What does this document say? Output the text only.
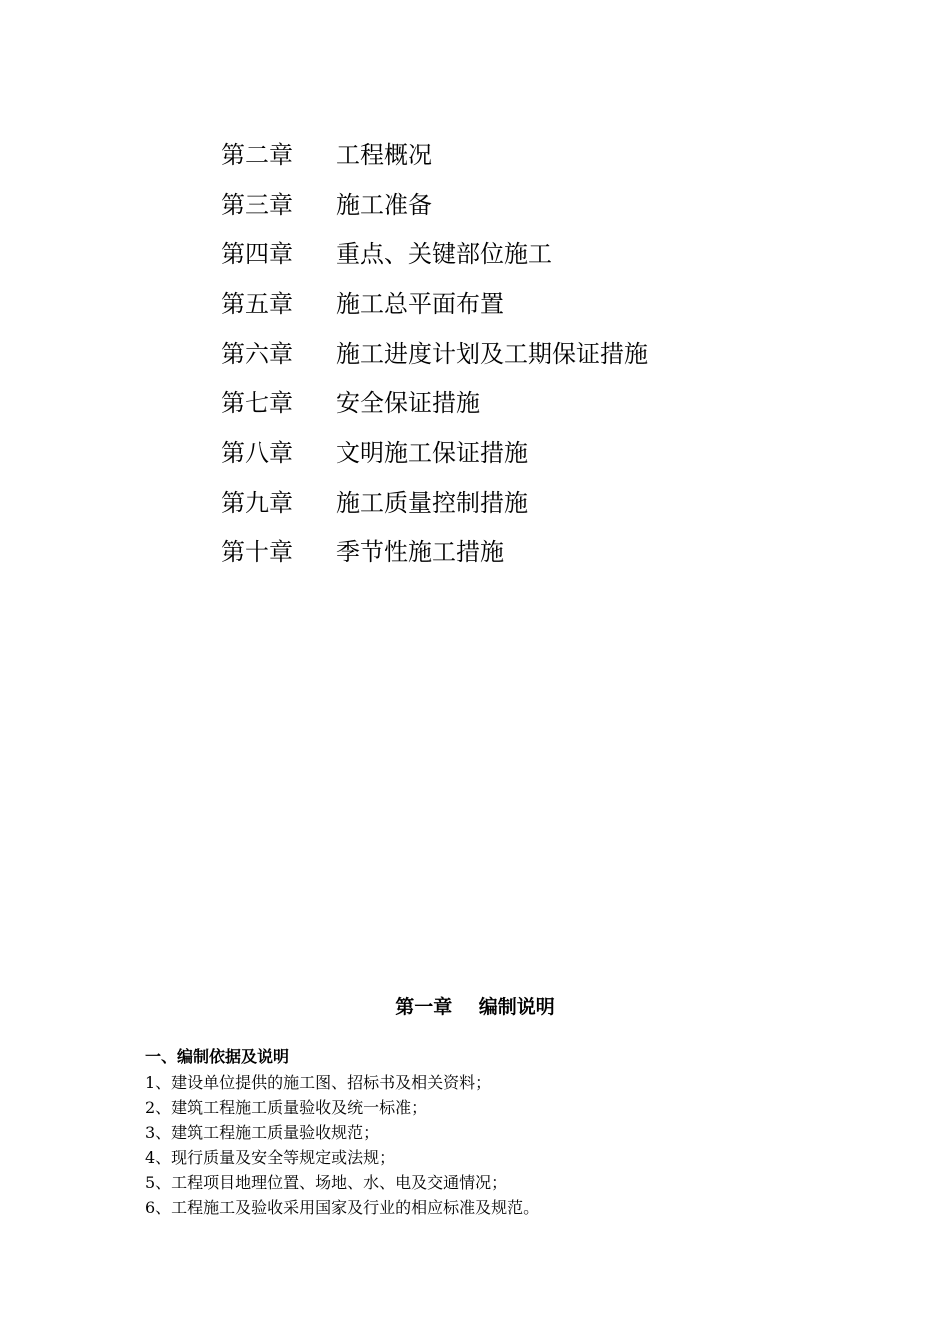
第二章	工程概况
第三章	施工准备
第四章	重点、关键部位施工
第五章	施工总平面布置
第六章	施工进度计划及工期保证措施
第七章	安全保证措施
第八章	文明施工保证措施
第九章	施工质量控制措施
第十章	季节性施工措施
第一章    编制说明
一、编制依据及说明
1、建设单位提供的施工图、招标书及相关资料；
2、建筑工程施工质量验收及统一标准；
3、建筑工程施工质量验收规范；
4、现行质量及安全等规定或法规；
5、工程项目地理位置、场地、水、电及交通情况；
6、工程施工及验收采用国家及行业的相应标准及规范。
